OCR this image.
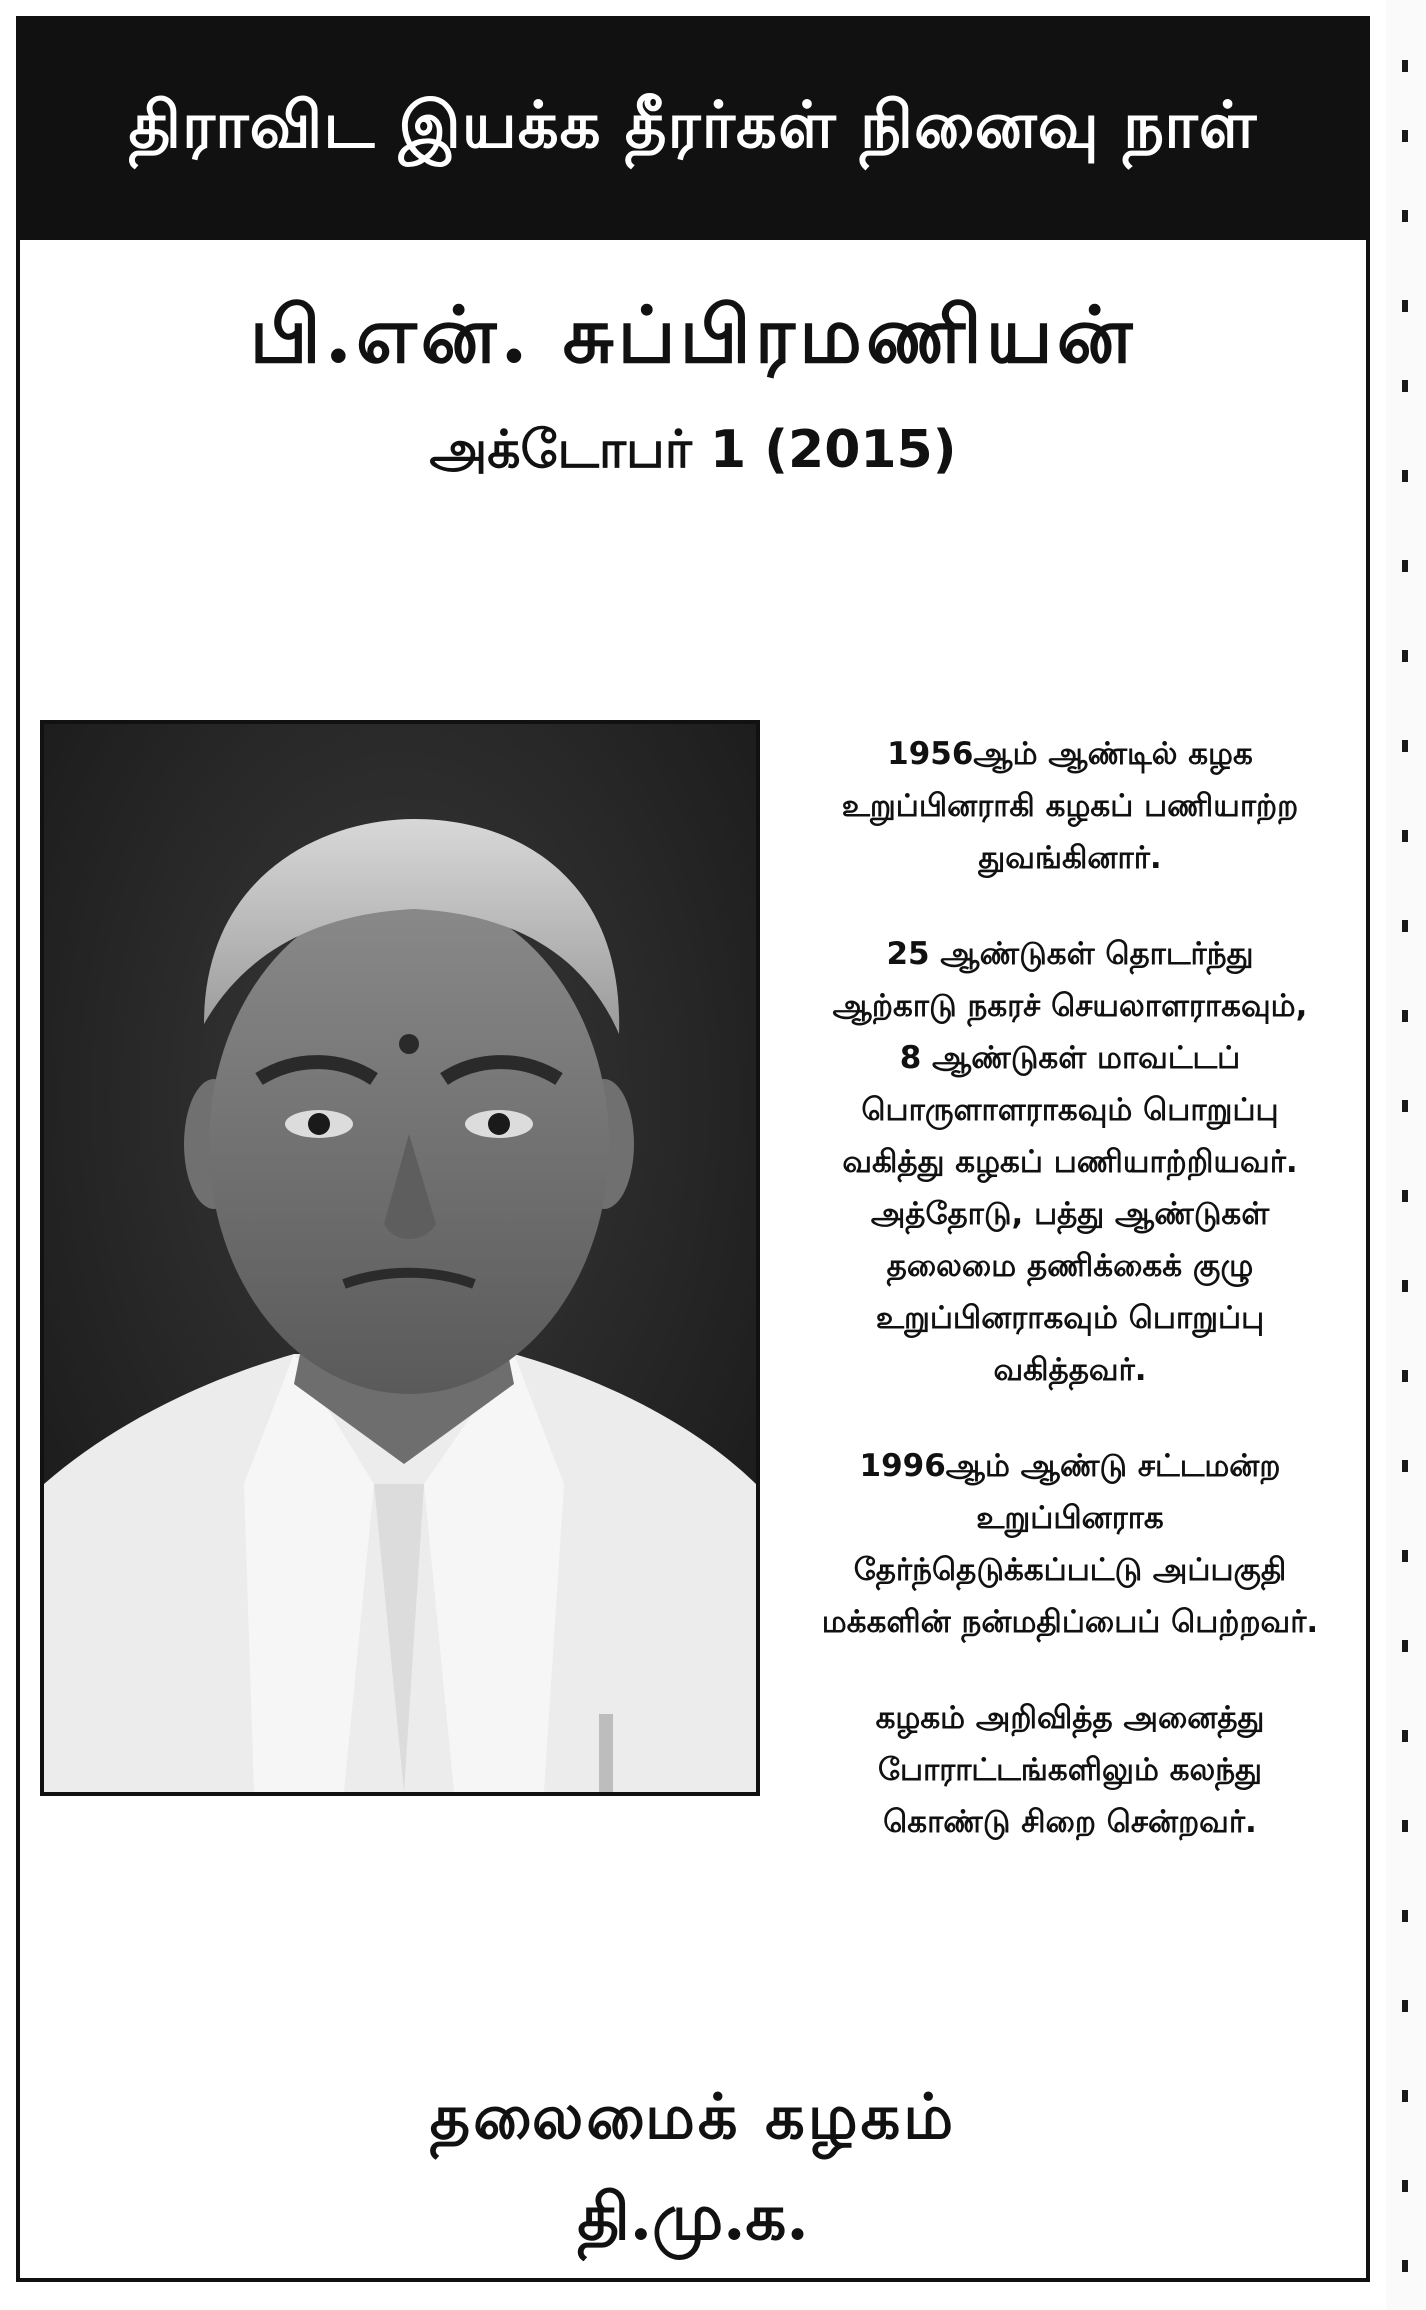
திராவிட இயக்க தீரர்கள் நினைவு நாள்
பி.என். சுப்பிரமணியன்
அக்டோபர் 1 (2015)

1956ஆம் ஆண்டில் கழக
உறுப்பினராகி கழகப் பணியாற்ற
துவங்கினார்.

25 ஆண்டுகள் தொடர்ந்து
ஆற்காடு நகரச் செயலாளராகவும்,
8 ஆண்டுகள் மாவட்டப்
பொருளாளராகவும் பொறுப்பு
வகித்து கழகப் பணியாற்றியவர்.
அத்தோடு, பத்து ஆண்டுகள்
தலைமை தணிக்கைக் குழு
உறுப்பினராகவும் பொறுப்பு
வகித்தவர்.

1996ஆம் ஆண்டு சட்டமன்ற
உறுப்பினராக
தேர்ந்தெடுக்கப்பட்டு அப்பகுதி
மக்களின் நன்மதிப்பைப் பெற்றவர்.

கழகம் அறிவித்த அனைத்து
போராட்டங்களிலும் கலந்து
கொண்டு சிறை சென்றவர்.

தலைமைக் கழகம்
தி.மு.க.
